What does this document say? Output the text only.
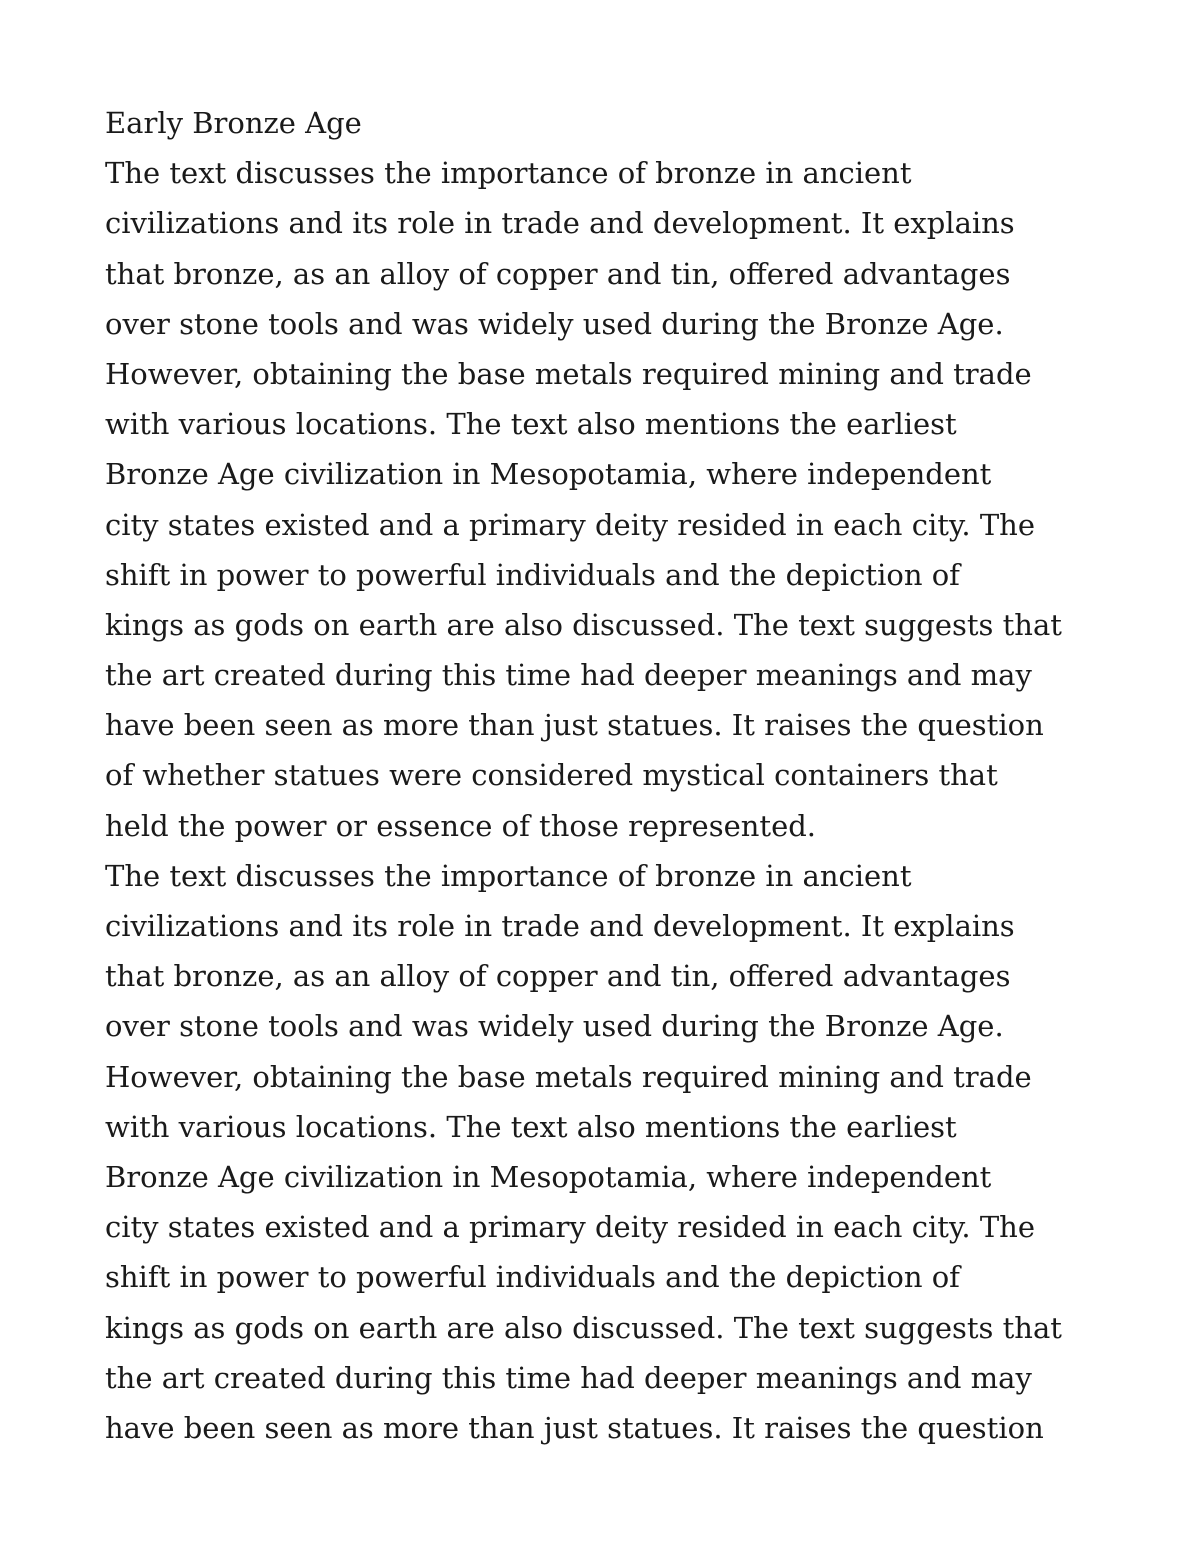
Early Bronze Age
The text discusses the importance of bronze in ancient
civilizations and its role in trade and development. It explains
that bronze, as an alloy of copper and tin, offered advantages
over stone tools and was widely used during the Bronze Age.
However, obtaining the base metals required mining and trade
with various locations. The text also mentions the earliest
Bronze Age civilization in Mesopotamia, where independent
city states existed and a primary deity resided in each city. The
shift in power to powerful individuals and the depiction of
kings as gods on earth are also discussed. The text suggests that
the art created during this time had deeper meanings and may
have been seen as more than just statues. It raises the question
of whether statues were considered mystical containers that
held the power or essence of those represented.
The text discusses the importance of bronze in ancient
civilizations and its role in trade and development. It explains
that bronze, as an alloy of copper and tin, offered advantages
over stone tools and was widely used during the Bronze Age.
However, obtaining the base metals required mining and trade
with various locations. The text also mentions the earliest
Bronze Age civilization in Mesopotamia, where independent
city states existed and a primary deity resided in each city. The
shift in power to powerful individuals and the depiction of
kings as gods on earth are also discussed. The text suggests that
the art created during this time had deeper meanings and may
have been seen as more than just statues. It raises the question
